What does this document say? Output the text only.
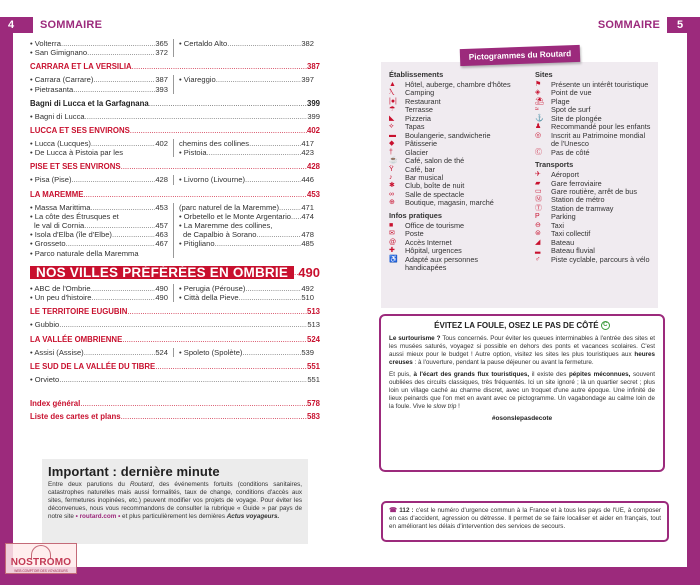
4	SOMMAIRE	5
SOMMAIRE
• Volterra .....	365
• San Gimignano .....	372
• Certaldo Alto .....	382
CARRARA ET LA VERSILIA .....	387
• Carrara (Carrare) .....	387
• Pietrasanta .....	393
• Viareggio .....	397
Bagni di Lucca et la Garfagnana .....	399
• Bagni di Lucca .....	399
LUCCA ET SES ENVIRONS .....	402
• Lucca (Lucques) .....	402
• De Lucca à Pistoia par les
chemins des collines .....	417
• Pistoia .....	423
PISE ET SES ENVIRONS .....	428
• Pisa (Pise) .....	428 • Livorno (Livourne) .....	446
LA MAREMME .....	453
• Massa Marittima .....	453
• La côte des Étrusques et
le val di Cornia .....	457
• Isola d'Elba (île d'Elbe) .....	463
• Grosseto .....	467
• Parco naturale della Maremma
(parc naturel de la Maremme) .....	471
• Orbetello et le Monte Argentario ..... 474
• La Maremme des collines,
de Capalbio à Sorano .....	478
• Pitigliano .....	485
NOS VILLES PRÉFÉRÉES EN OMBRIE ..... 490
• ABC de l'Ombrie .....	490
• Un peu d'histoire .....	490
• Perugia (Pérouse) .....	492
• Città della Pieve .....	510
LE TERRITOIRE EUGUBIN .....	513
• Gubbio .....	513
LA VALLÉE OMBRIENNE .....	524
• Assisi (Assise) .....	524 • Spoleto (Spolète) .....	539
LE SUD DE LA VALLÉE DU TIBRE .....	551
• Orvieto .....	551
Index général .....	578
Liste des cartes et plans .....	583
Important : dernière minute

Entre deux parutions du Routard, des événements fortuits (conditions sanitaires, catastrophes naturelles mais aussi formalités, taux de change, conditions d'accès aux sites, fermetures inopinées, etc.) peuvent modifier vos projets de voyage. Pour éviter les déconvenues, nous vous recommandons de consulter la rubrique « Guide » par pays de notre site • routard.com • et plus particulièrement les dernières Actus voyageurs.

NOSTROMO
WEB COMPTOIR DES VOYAGEURS
Établissements
▲	Hôtel, auberge, chambre d'hôtes
Ⲗ	Camping
|●|	Restaurant
☂	Terrasse
◣	Pizzeria
⟡	Tapas
▬	Boulangerie, sandwicherie
◆	Pâtisserie
†	Glacier
☕ Café, salon de thé
Ÿ	Café, bar
♪	Bar musical
✱	Club, boîte de nuit
∞	Salle de spectacle
⊕	Boutique, magasin, marché
Infos pratiques
■	Office de tourisme
✉	Poste
@	Accès Internet
✚	Hôpital, urgences
♿ Adapté aux personnes
handicapées
Sites
⚑	Présente un intérêt touristique
◈	Point de vue
⛱ Plage
≈	Spot de surf
⚓ Site de plongée
♟	Recommandé pour les enfants
◎	Inscrit au Patrimoine mondial
de l'Unesco
Ⓒ	Pas de côté
Transports
✈	Aéroport
▰	Gare ferroviaire
▭	Gare routière, arrêt de bus
Ⓜ	Station de métro
Ⓣ	Station de tramway
P	Parking
⊖	Taxi
⊜	Taxi collectif
◢	Bateau
▂	Bateau fluvial
♂	Piste cyclable, parcours à vélo
Pictogrammes du Routard
ÉVITEZ LA FOULE, OSEZ LE PAS DE CÔTÉ C

Le surtourisme ? Tous concernés. Pour éviter les queues interminables à l'entrée des sites et les musées saturés, voyagez si possible en dehors des ponts et vacances scolaires. C'est aussi mieux pour le budget ! Autre option, visitez les sites les plus touristiques aux heures creuses : à l'ouverture, pendant la pause déjeuner ou avant la fermeture.

Et puis, à l'écart des grands flux touristiques, il existe des pépites méconnues, souvent oubliées des circuits classiques, très fréquentés. Ici un site ignoré ; là un quartier secret ; plus loin un village caché au charme discret, avec un troquet d'une autre époque. Une infinité de lieux peinards que l'on met en avant avec ce pictogramme. Un vagabondage au calme loin de la foule. Vive le slow trip !

#osonslepasdecote

☎ 112 : c'est le numéro d'urgence commun à la France et à tous les pays de l'UE, à composer en cas d'accident, agression ou détresse. Il permet de se faire localiser et aider en français, tout en améliorant les délais d'intervention des services de secours.
